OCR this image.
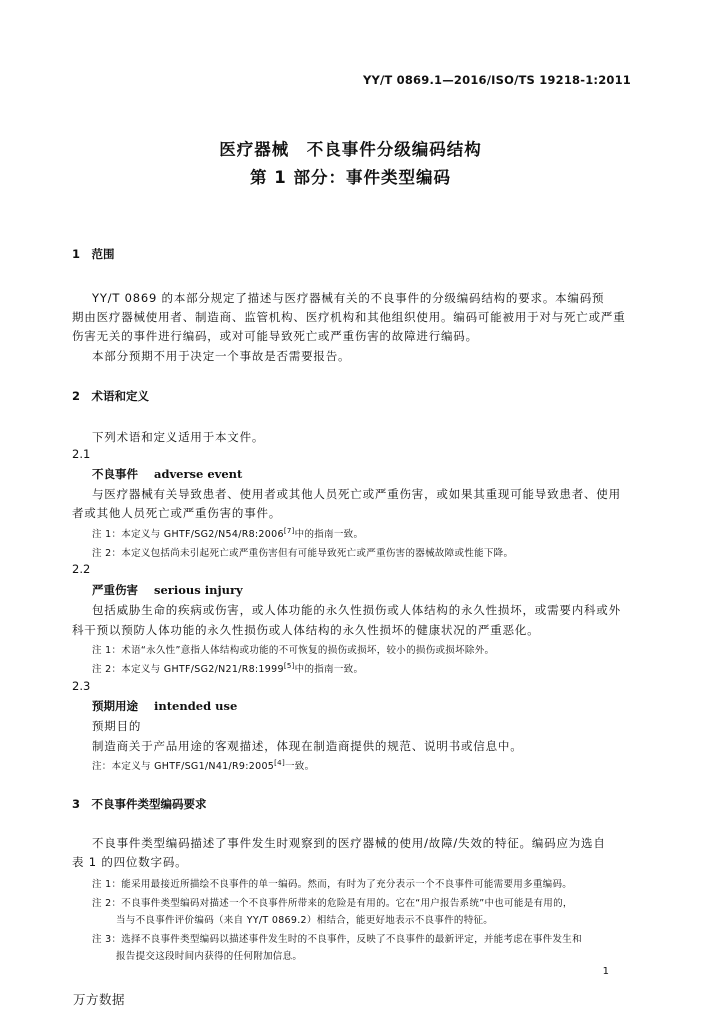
YY/T 0869.1—2016/ISO/TS 19218-1:2011
医疗器械　不良事件分级编码结构
第 1 部分：事件类型编码
1　范围
YY/T 0869 的本部分规定了描述与医疗器械有关的不良事件的分级编码结构的要求。本编码预
期由医疗器械使用者、制造商、监管机构、医疗机构和其他组织使用。编码可能被用于对与死亡或严重
伤害无关的事件进行编码，或对可能导致死亡或严重伤害的故障进行编码。
本部分预期不用于决定一个事故是否需要报告。
2　术语和定义
下列术语和定义适用于本文件。
2.1
不良事件 adverse event
与医疗器械有关导致患者、使用者或其他人员死亡或严重伤害，或如果其重现可能导致患者、使用
者或其他人员死亡或严重伤害的事件。
注 1：本定义与 GHTF/SG2/N54/R8:2006[7]中的指南一致。
注 2：本定义包括尚未引起死亡或严重伤害但有可能导致死亡或严重伤害的器械故障或性能下降。
2.2
严重伤害 serious injury
包括威胁生命的疾病或伤害，或人体功能的永久性损伤或人体结构的永久性损坏，或需要内科或外
科干预以预防人体功能的永久性损伤或人体结构的永久性损坏的健康状况的严重恶化。
注 1：术语“永久性”意指人体结构或功能的不可恢复的损伤或损坏，较小的损伤或损坏除外。
注 2：本定义与 GHTF/SG2/N21/R8:1999[5]中的指南一致。
2.3
预期用途 intended use
预期目的
制造商关于产品用途的客观描述，体现在制造商提供的规范、说明书或信息中。
注：本定义与 GHTF/SG1/N41/R9:2005[4]一致。
3　不良事件类型编码要求
不良事件类型编码描述了事件发生时观察到的医疗器械的使用/故障/失效的特征。编码应为选自
表 1 的四位数字码。
注 1：能采用最接近所描绘不良事件的单一编码。然而，有时为了充分表示一个不良事件可能需要用多重编码。
注 2：不良事件类型编码对描述一个不良事件所带来的危险是有用的。它在“用户报告系统”中也可能是有用的，
当与不良事件评价编码（来自 YY/T 0869.2）相结合，能更好地表示不良事件的特征。
注 3：选择不良事件类型编码以描述事件发生时的不良事件，反映了不良事件的最新评定，并能考虑在事件发生和
报告提交这段时间内获得的任何附加信息。
1
万方数据
